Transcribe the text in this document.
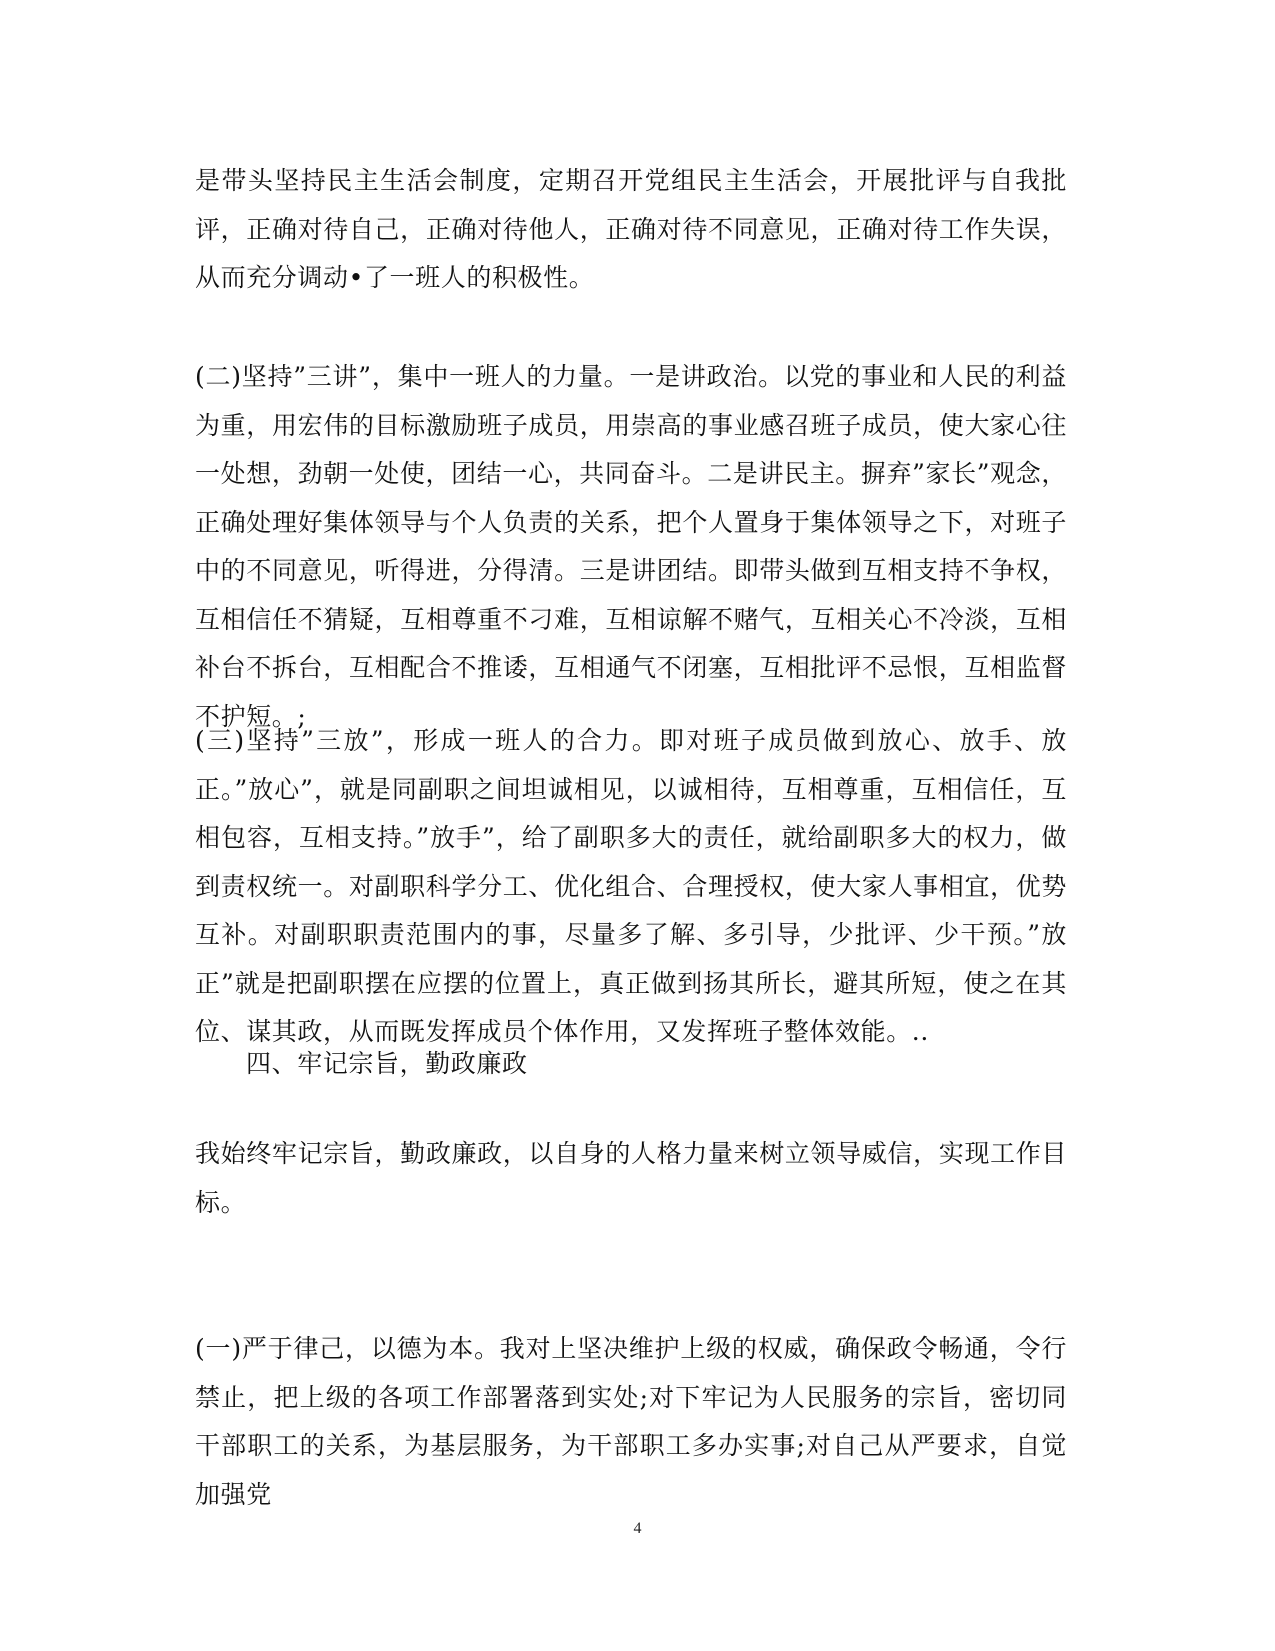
是带头坚持民主生活会制度，定期召开党组民主生活会，开展批评与自我批评，正确对待自己，正确对待他人，正确对待不同意见，正确对待工作失误，从而充分调动•了一班人的积极性。

(二)坚持”三讲”，集中一班人的力量。一是讲政治。以党的事业和人民的利益为重，用宏伟的目标激励班子成员，用崇高的事业感召班子成员，使大家心往一处想，劲朝一处使，团结一心，共同奋斗。二是讲民主。摒弃”家长”观念，正确处理好集体领导与个人负责的关系，把个人置身于集体领导之下，对班子中的不同意见，听得进，分得清。三是讲团结。即带头做到互相支持不争权，互相信任不猜疑，互相尊重不刁难，互相谅解不赌气，互相关心不冷淡，互相补台不拆台，互相配合不推诿，互相通气不闭塞，互相批评不忌恨，互相监督不护短。;

(三)坚持”三放”，形成一班人的合力。即对班子成员做到放心、放手、放正。”放心”，就是同副职之间坦诚相见，以诚相待，互相尊重，互相信任，互相包容，互相支持。”放手”，给了副职多大的责任，就给副职多大的权力，做到责权统一。对副职科学分工、优化组合、合理授权，使大家人事相宜，优势互补。对副职职责范围内的事，尽量多了解、多引导，少批评、少干预。”放正”就是把副职摆在应摆的位置上，真正做到扬其所长，避其所短，使之在其位、谋其政，从而既发挥成员个体作用，又发挥班子整体效能。..

四、牢记宗旨，勤政廉政

我始终牢记宗旨，勤政廉政，以自身的人格力量来树立领导威信，实现工作目标。

(一)严于律己，以德为本。我对上坚决维护上级的权威，确保政令畅通，令行禁止，把上级的各项工作部署落到实处;对下牢记为人民服务的宗旨，密切同干部职工的关系，为基层服务，为干部职工多办实事;对自己从严要求，自觉加强党

4
